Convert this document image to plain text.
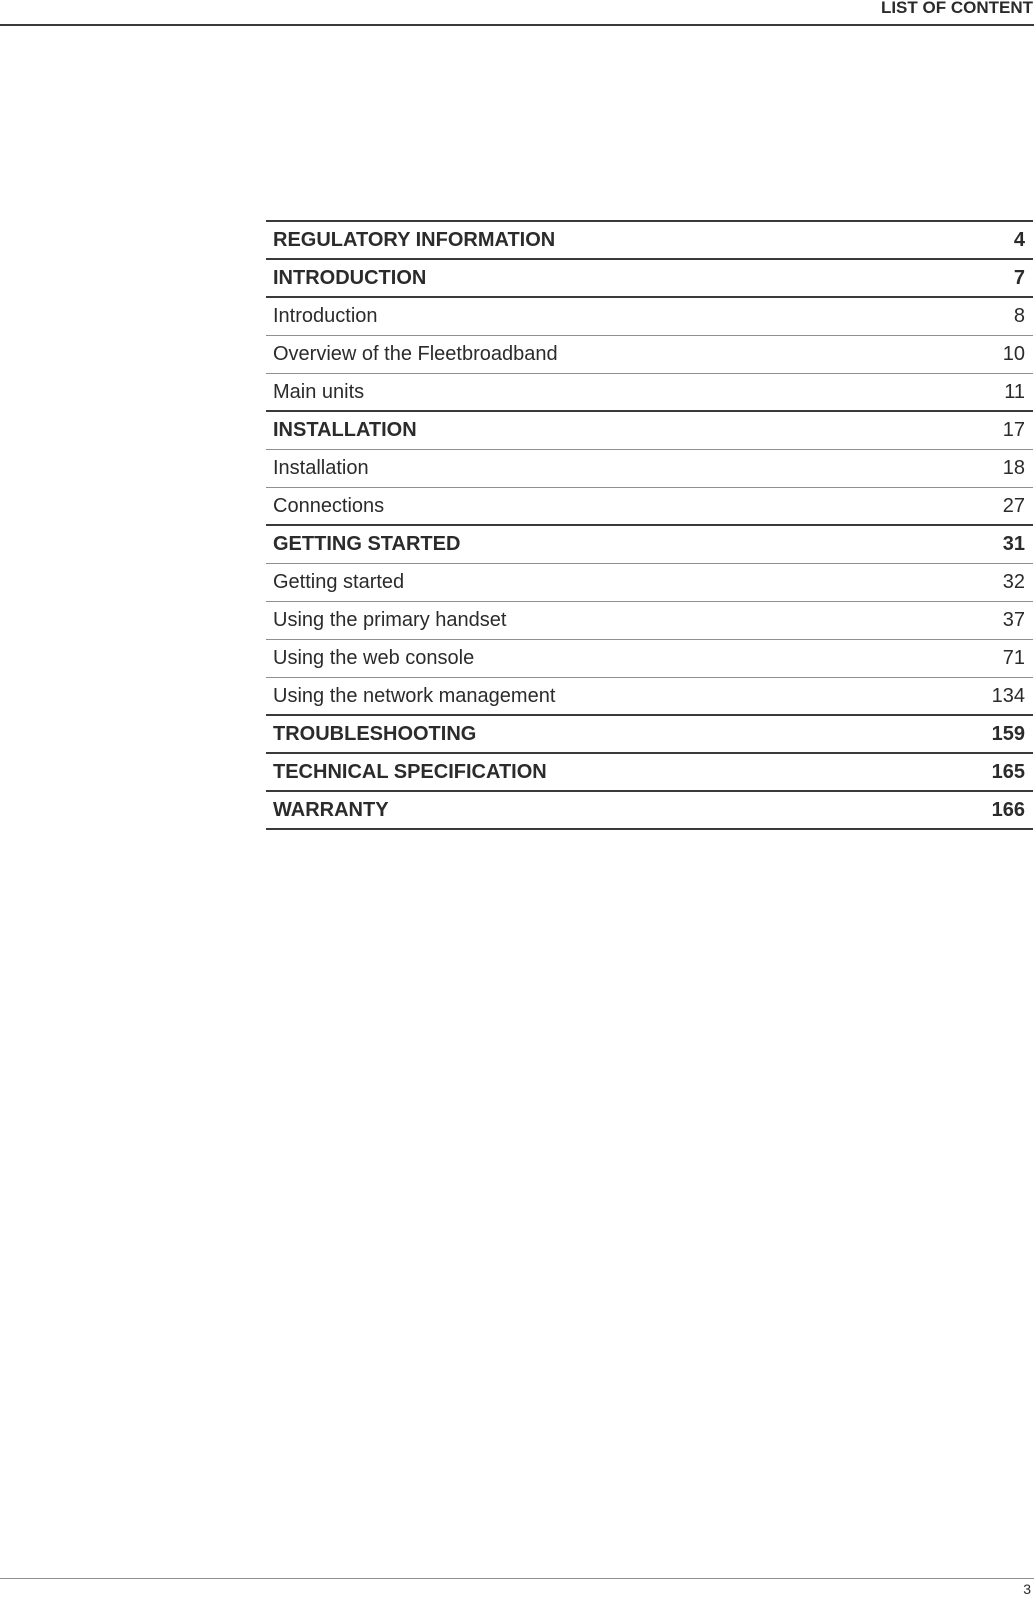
LIST OF CONTENT
REGULATORY INFORMATION	4
INTRODUCTION	7
Introduction	8
Overview of the Fleetbroadband	10
Main units	11
INSTALLATION	17
Installation	18
Connections	27
GETTING STARTED	31
Getting started	32
Using the primary handset	37
Using the web console	71
Using the network management	134
TROUBLESHOOTING	159
TECHNICAL SPECIFICATION	165
WARRANTY	166
3
